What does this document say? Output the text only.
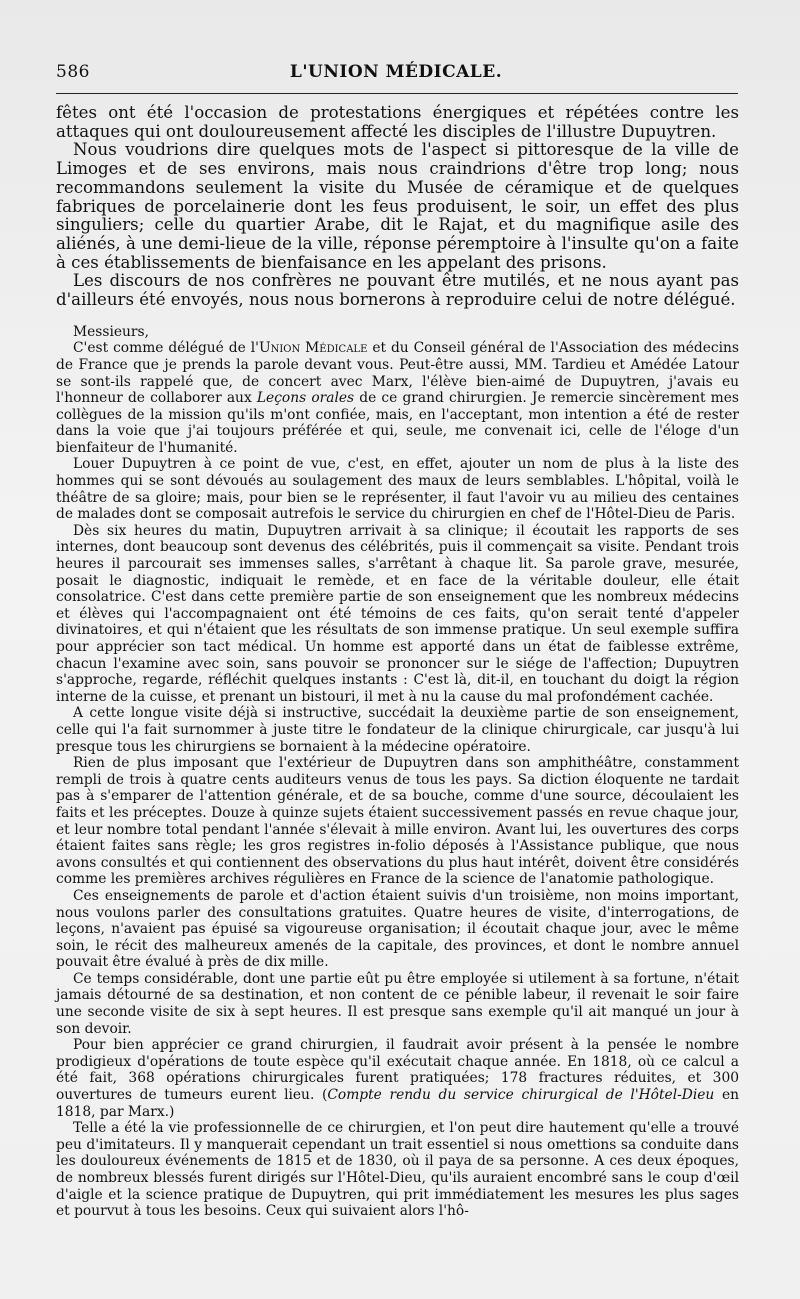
586	L'UNION MÉDICALE.

fêtes ont été l'occasion de protestations énergiques et répétées contre les attaques qui ont douloureusement affecté les disciples de l'illustre Dupuytren.

Nous voudrions dire quelques mots de l'aspect si pittoresque de la ville de Limoges et de ses environs, mais nous craindrions d'être trop long; nous recommandons seulement la visite du Musée de céramique et de quelques fabriques de porcelainerie dont les feus produisent, le soir, un effet des plus singuliers; celle du quartier Arabe, dit le Rajat, et du magnifique asile des aliénés, à une demi-lieue de la ville, réponse péremptoire à l'insulte qu'on a faite à ces établissements de bienfaisance en les appelant des prisons.

Les discours de nos confrères ne pouvant être mutilés, et ne nous ayant pas d'ailleurs été envoyés, nous nous bornerons à reproduire celui de notre délégué.

Messieurs,

C'est comme délégué de l'Union Médicale et du Conseil général de l'Association des médecins de France que je prends la parole devant vous. Peut-être aussi, MM. Tardieu et Amédée Latour se sont-ils rappelé que, de concert avec Marx, l'élève bien-aimé de Dupuytren, j'avais eu l'honneur de collaborer aux Leçons orales de ce grand chirurgien. Je remercie sincèrement mes collègues de la mission qu'ils m'ont confiée, mais, en l'acceptant, mon intention a été de rester dans la voie que j'ai toujours préférée et qui, seule, me convenait ici, celle de l'éloge d'un bienfaiteur de l'humanité.

Louer Dupuytren à ce point de vue, c'est, en effet, ajouter un nom de plus à la liste des hommes qui se sont dévoués au soulagement des maux de leurs semblables. L'hôpital, voilà le théâtre de sa gloire; mais, pour bien se le représenter, il faut l'avoir vu au milieu des centaines de malades dont se composait autrefois le service du chirurgien en chef de l'Hôtel-Dieu de Paris.

Dès six heures du matin, Dupuytren arrivait à sa clinique; il écoutait les rapports de ses internes, dont beaucoup sont devenus des célébrités, puis il commençait sa visite. Pendant trois heures il parcourait ses immenses salles, s'arrêtant à chaque lit. Sa parole grave, mesurée, posait le diagnostic, indiquait le remède, et en face de la véritable douleur, elle était consolatrice. C'est dans cette première partie de son enseignement que les nombreux médecins et élèves qui l'accompagnaient ont été témoins de ces faits, qu'on serait tenté d'appeler divinatoires, et qui n'étaient que les résultats de son immense pratique. Un seul exemple suffira pour apprécier son tact médical. Un homme est apporté dans un état de faiblesse extrême, chacun l'examine avec soin, sans pouvoir se prononcer sur le siége de l'affection; Dupuytren s'approche, regarde, réfléchit quelques instants : C'est là, dit-il, en touchant du doigt la région interne de la cuisse, et prenant un bistouri, il met à nu la cause du mal profondément cachée.

A cette longue visite déjà si instructive, succédait la deuxième partie de son enseignement, celle qui l'a fait surnommer à juste titre le fondateur de la clinique chirurgicale, car jusqu'à lui presque tous les chirurgiens se bornaient à la médecine opératoire.

Rien de plus imposant que l'extérieur de Dupuytren dans son amphithéâtre, constamment rempli de trois à quatre cents auditeurs venus de tous les pays. Sa diction éloquente ne tardait pas à s'emparer de l'attention générale, et de sa bouche, comme d'une source, découlaient les faits et les préceptes. Douze à quinze sujets étaient successivement passés en revue chaque jour, et leur nombre total pendant l'année s'élevait à mille environ. Avant lui, les ouvertures des corps étaient faites sans règle; les gros registres in-folio déposés à l'Assistance publique, que nous avons consultés et qui contiennent des observations du plus haut intérêt, doivent être considérés comme les premières archives régulières en France de la science de l'anatomie pathologique.

Ces enseignements de parole et d'action étaient suivis d'un troisième, non moins important, nous voulons parler des consultations gratuites. Quatre heures de visite, d'interrogations, de leçons, n'avaient pas épuisé sa vigoureuse organisation; il écoutait chaque jour, avec le même soin, le récit des malheureux amenés de la capitale, des provinces, et dont le nombre annuel pouvait être évalué à près de dix mille.

Ce temps considérable, dont une partie eût pu être employée si utilement à sa fortune, n'était jamais détourné de sa destination, et non content de ce pénible labeur, il revenait le soir faire une seconde visite de six à sept heures. Il est presque sans exemple qu'il ait manqué un jour à son devoir.

Pour bien apprécier ce grand chirurgien, il faudrait avoir présent à la pensée le nombre prodigieux d'opérations de toute espèce qu'il exécutait chaque année. En 1818, où ce calcul a été fait, 368 opérations chirurgicales furent pratiquées; 178 fractures réduites, et 300 ouvertures de tumeurs eurent lieu. (Compte rendu du service chirurgical de l'Hôtel-Dieu en 1818, par Marx.)

Telle a été la vie professionnelle de ce chirurgien, et l'on peut dire hautement qu'elle a trouvé peu d'imitateurs. Il y manquerait cependant un trait essentiel si nous omettions sa conduite dans les douloureux événements de 1815 et de 1830, où il paya de sa personne. A ces deux époques, de nombreux blessés furent dirigés sur l'Hôtel-Dieu, qu'ils auraient encombré sans le coup d'œil d'aigle et la science pratique de Dupuytren, qui prit immédiatement les mesures les plus sages et pourvut à tous les besoins. Ceux qui suivaient alors l'hô-
